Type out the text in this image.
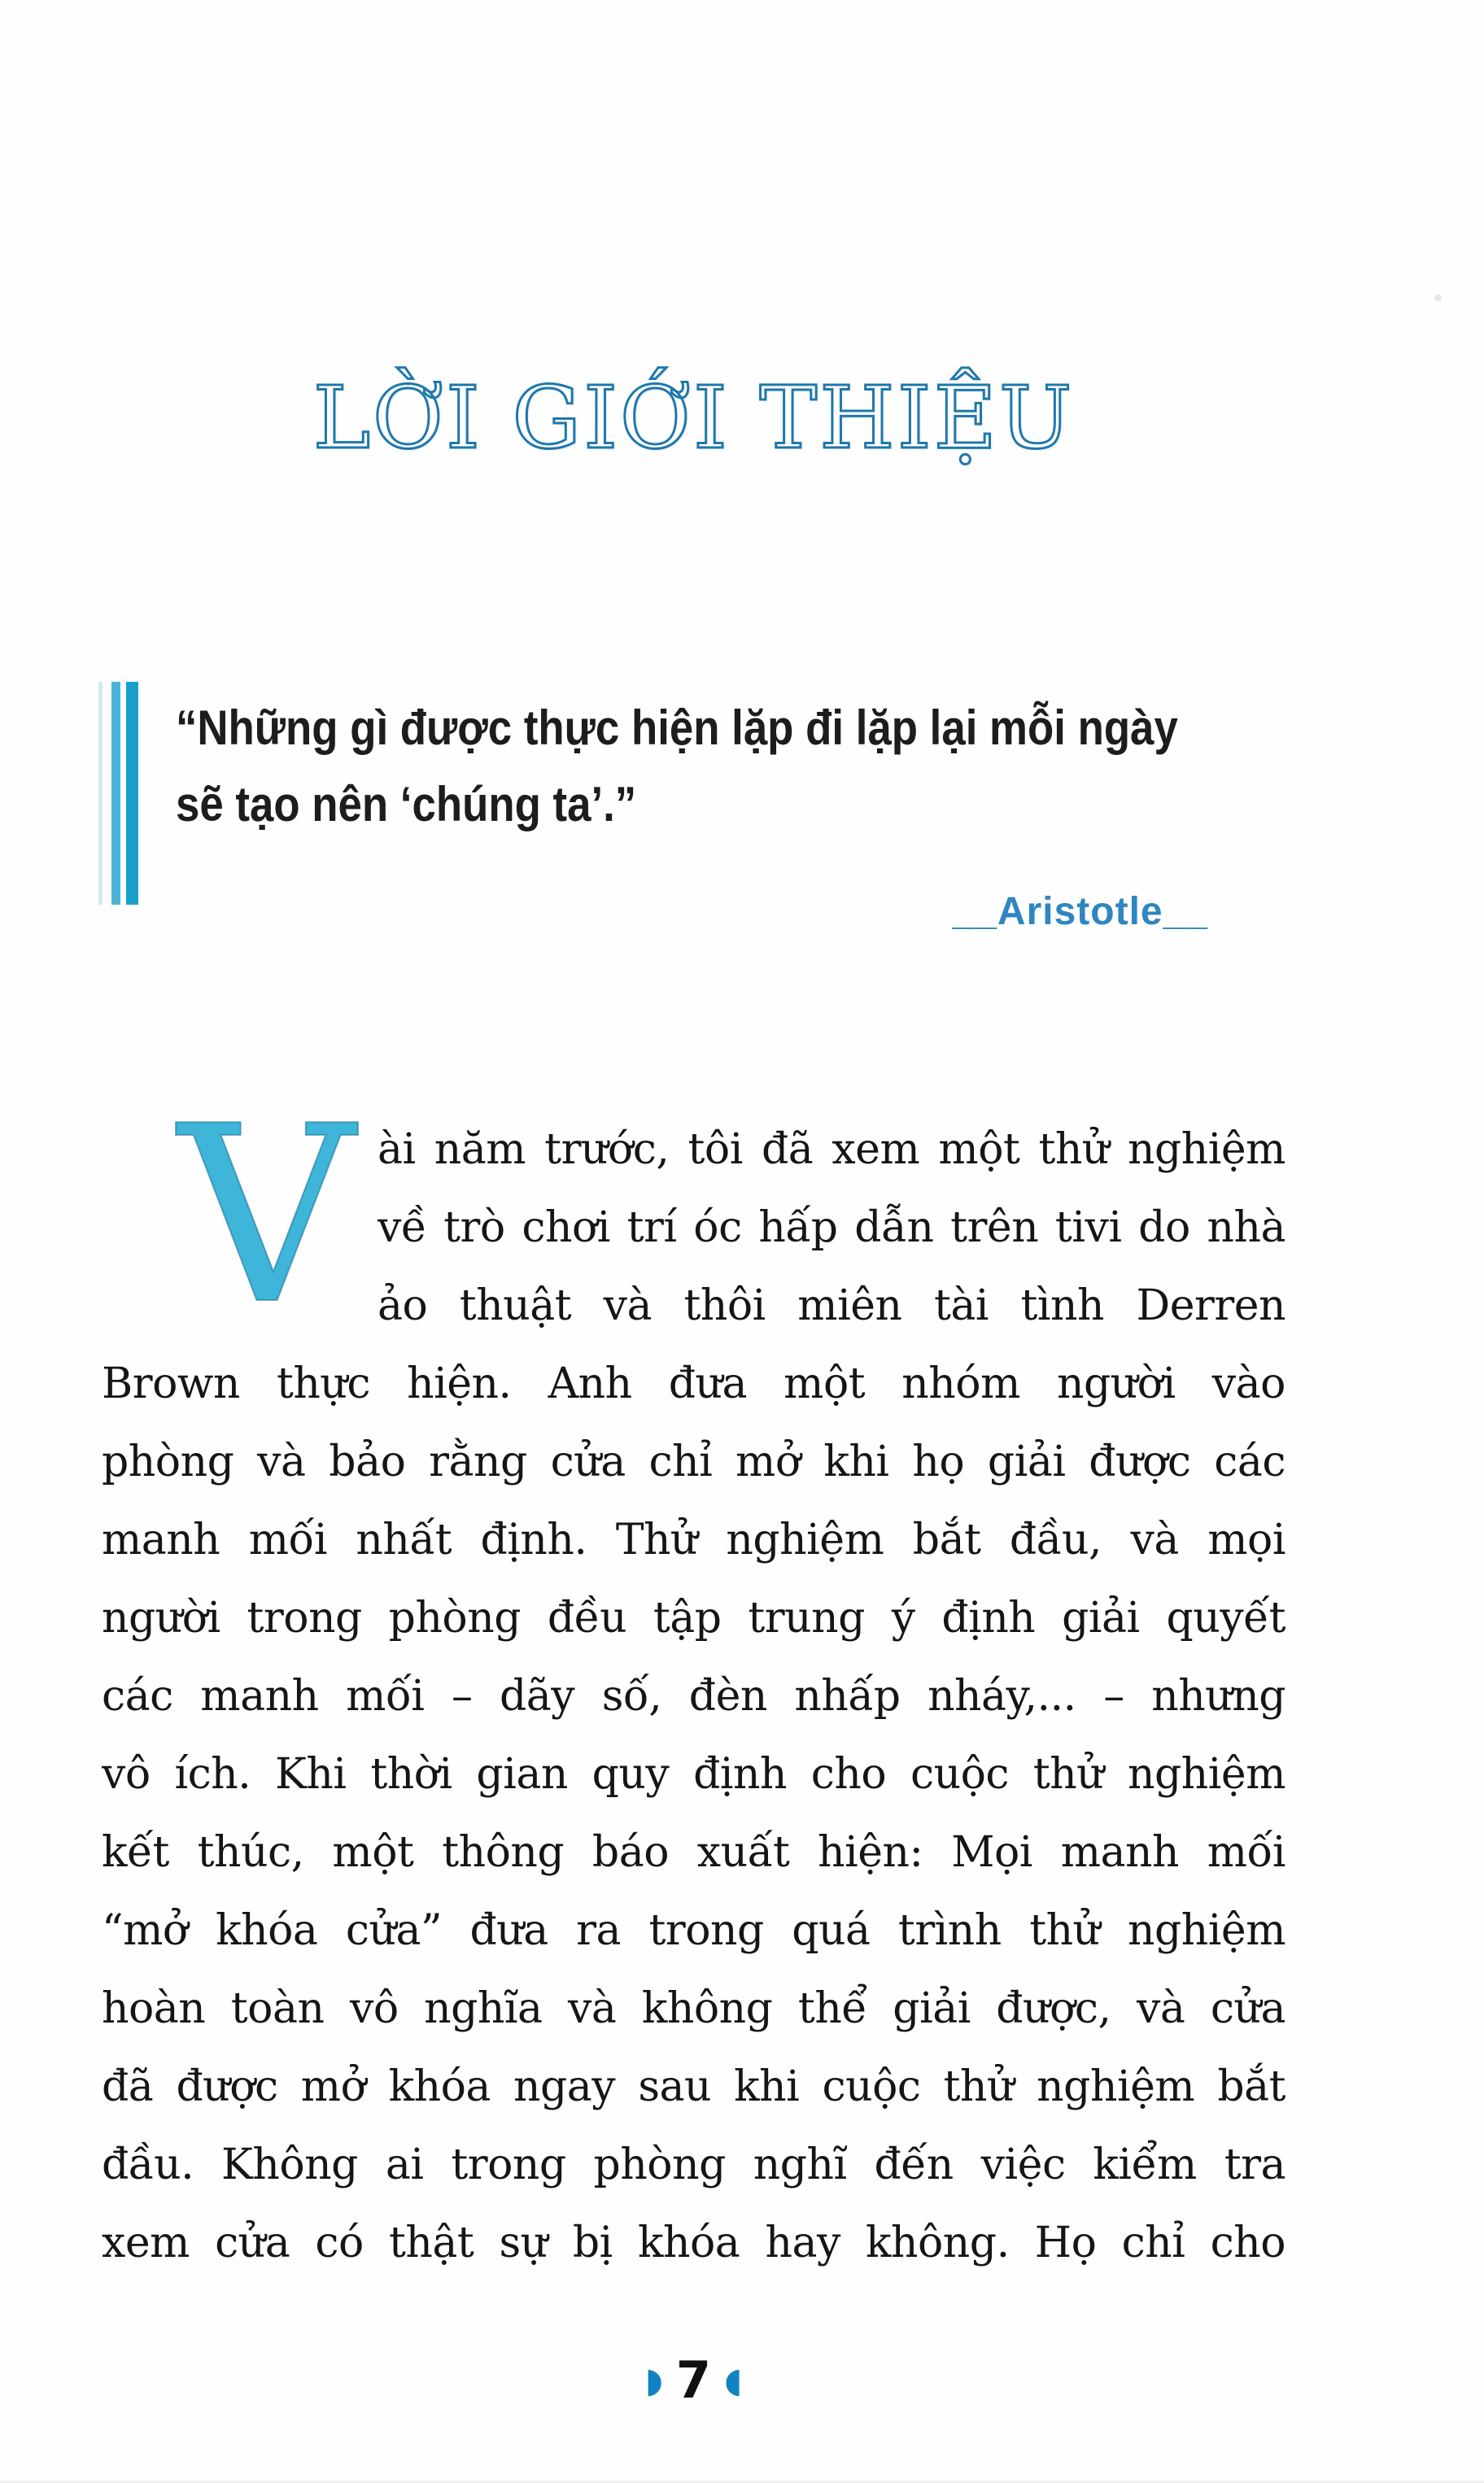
LỜI GIỚI THIỆU
“Những gì được thực hiện lặp đi lặp lại mỗi ngày
sẽ tạo nên ‘chúng ta’.”
__Aristotle__
V ài năm trước, tôi đã xem một thử nghiệm
về trò chơi trí óc hấp dẫn trên tivi do nhà
ảo thuật và thôi miên tài tình Derren
Brown thực hiện. Anh đưa một nhóm người vào
phòng và bảo rằng cửa chỉ mở khi họ giải được các
manh mối nhất định. Thử nghiệm bắt đầu, và mọi
người trong phòng đều tập trung ý định giải quyết
các manh mối – dãy số, đèn nhấp nháy,... – nhưng
vô ích. Khi thời gian quy định cho cuộc thử nghiệm
kết thúc, một thông báo xuất hiện: Mọi manh mối
“mở khóa cửa” đưa ra trong quá trình thử nghiệm
hoàn toàn vô nghĩa và không thể giải được, và cửa
đã được mở khóa ngay sau khi cuộc thử nghiệm bắt
đầu. Không ai trong phòng nghĩ đến việc kiểm tra
xem cửa có thật sự bị khóa hay không. Họ chỉ cho
◗ 7 ◖
